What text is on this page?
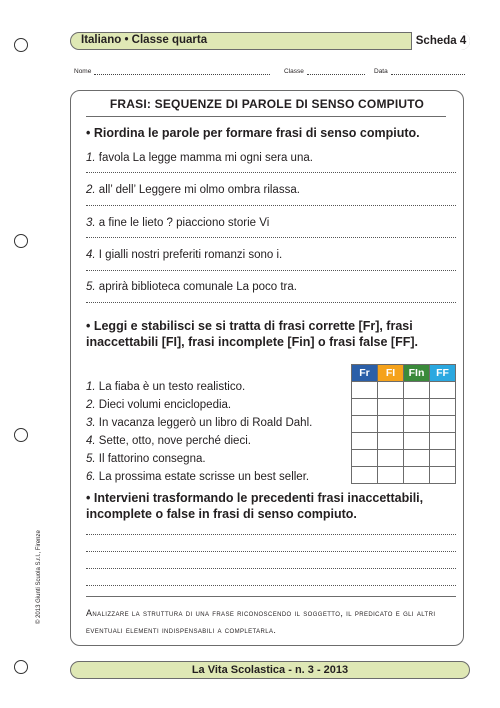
Italiano • Classe quarta	Scheda 4
Nome	Classe	Data
FRASI: SEQUENZE DI PAROLE DI SENSO COMPIUTO
• Riordina le parole per formare frasi di senso compiuto.
1. favola La legge mamma mi ogni sera una.
2. all’ dell’ Leggere mi olmo ombra rilassa.
3. a fine le lieto ? piacciono storie Vi
4. I gialli nostri preferiti romanzi sono i.
5. aprirà biblioteca comunale La poco tra.
• Leggi e stabilisci se si tratta di frasi corrette [Fr], frasi inaccettabili [FI], frasi incomplete [Fin] o frasi false [FF].
Fr	FI	FIn	FF

1. La fiaba è un testo realistico.
2. Dieci volumi enciclopedia.
3. In vacanza leggerò un libro di Roald Dahl.
4. Sette, otto, nove perché dieci.
5. Il fattorino consegna.
6. La prossima estate scrisse un best seller.
• Intervieni trasformando le precedenti frasi inaccettabili, incomplete o false in frasi di senso compiuto.
Analizzare la struttura di una frase riconoscendo il soggetto, il predicato e gli altri eventuali elementi indispensabili a completarla.
La Vita Scolastica - n. 3 - 2013
© 2013 Giunti Scuola S.r.l., Firenze
